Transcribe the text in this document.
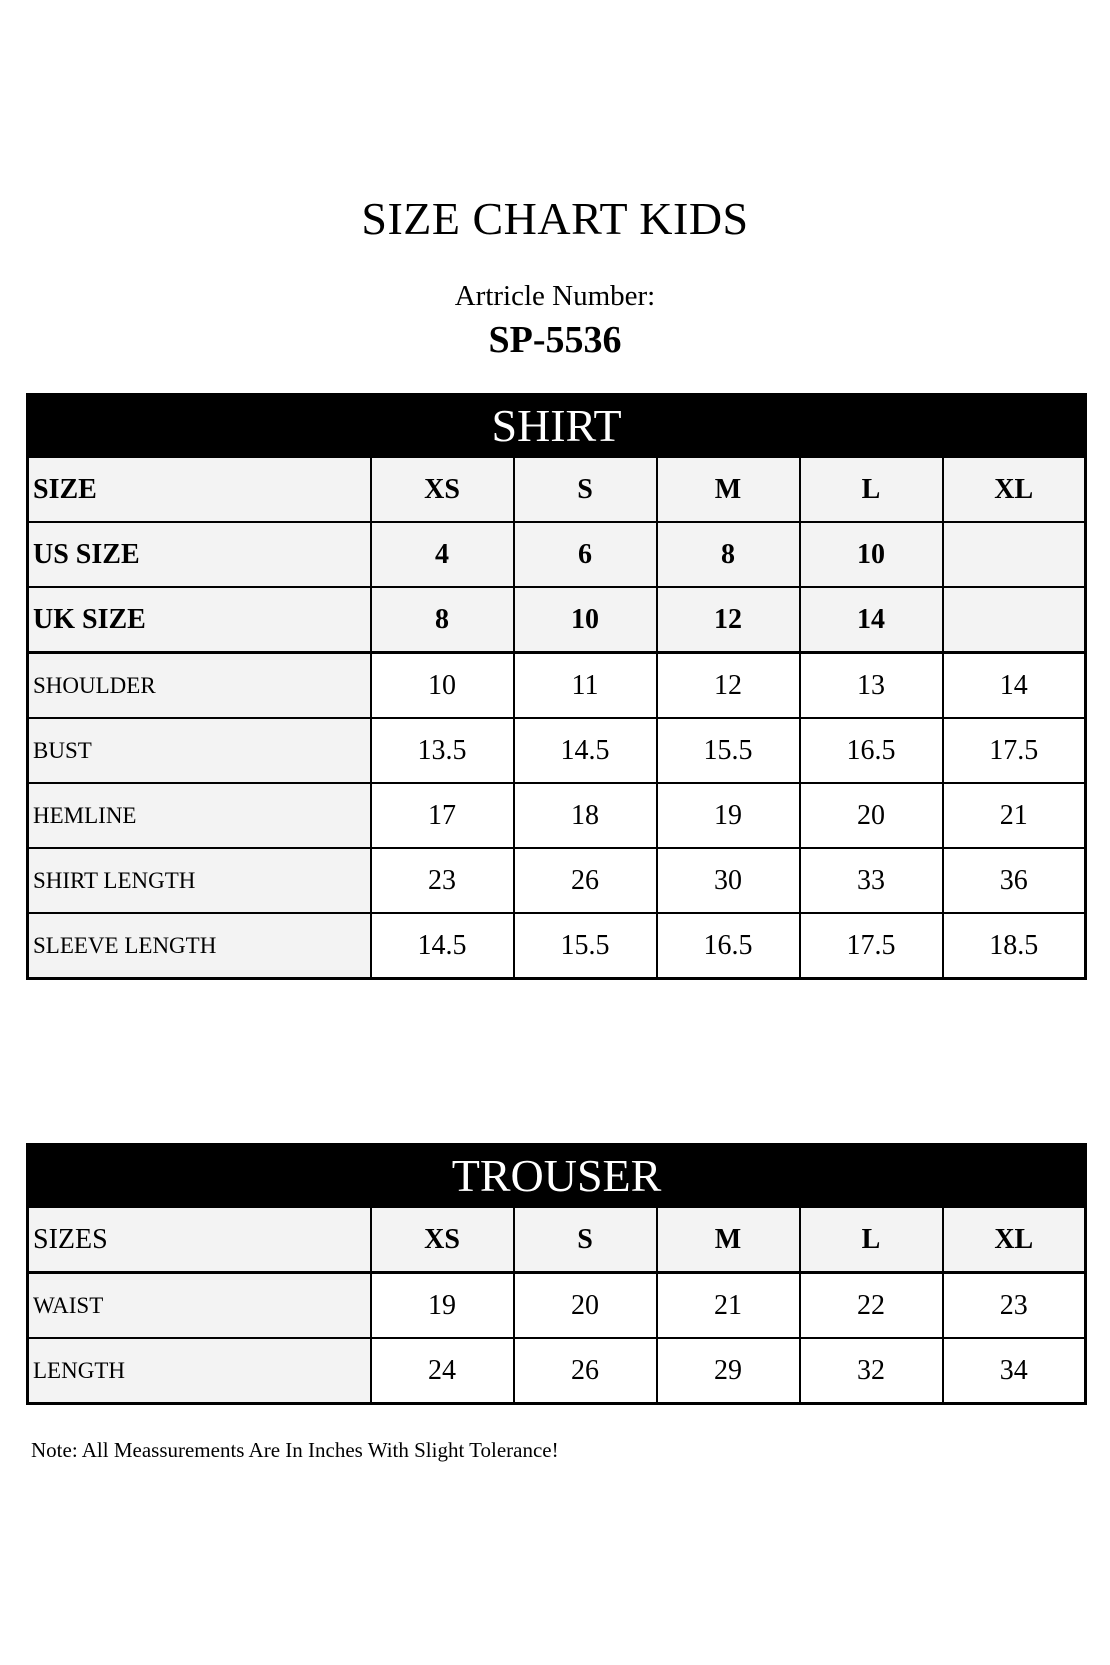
SIZE CHART KIDS
Artricle Number:
SP-5536
SHIRT					
SIZE	XS	S	M	L	XL
US SIZE	4	6	8	10	
UK SIZE	8	10	12	14	
SHOULDER	10	11	12	13	14
BUST	13.5	14.5	15.5	16.5	17.5
HEMLINE	17	18	19	20	21
SHIRT LENGTH	23	26	30	33	36
SLEEVE LENGTH	14.5	15.5	16.5	17.5	18.5
TROUSER					
SIZES	XS	S	M	L	XL
WAIST	19	20	21	22	23
LENGTH	24	26	29	32	34
Note: All Meassurements Are In Inches With Slight Tolerance!
